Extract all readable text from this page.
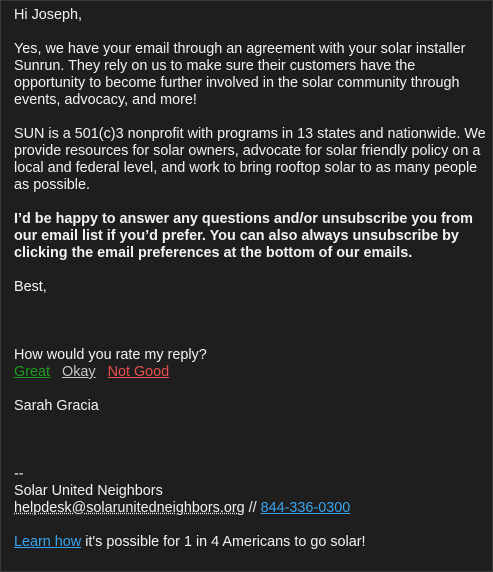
Hi Joseph,

Yes, we have your email through an agreement with your solar installer Sunrun. They rely on us to make sure their customers have the opportunity to become further involved in the solar community through events, advocacy, and more!

SUN is a 501(c)3 nonprofit with programs in 13 states and nationwide. We provide resources for solar owners, advocate for solar friendly policy on a local and federal level, and work to bring rooftop solar to as many people as possible.

I’d be happy to answer any questions and/or unsubscribe you from our email list if you’d prefer. You can also always unsubscribe by clicking the email preferences at the bottom of our emails.

Best,

How would you rate my reply?

Great Okay Not Good

Sarah Gracia

--

Solar United Neighbors

helpdesk@solarunitedneighbors.org // 844-336-0300

Learn how it's possible for 1 in 4 Americans to go solar!
